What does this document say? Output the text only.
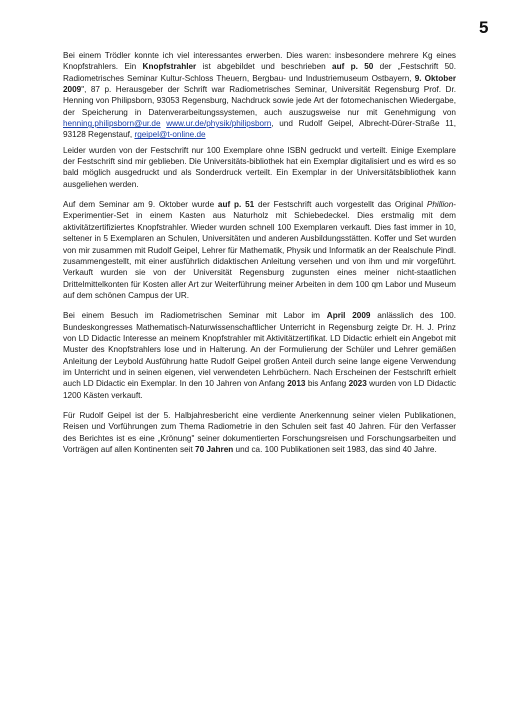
5

Bei einem Trödler konnte ich viel interessantes erwerben. Dies waren: insbesondere mehrere Kg eines Knopfstrahlers. Ein Knopfstrahler ist abgebildet und beschrieben auf p. 50 der „Festschrift 50. Radiometrisches Seminar Kultur-Schloss Theuern, Bergbau- und Industriemuseum Ostbayern, 9. Oktober 2009", 87 p. Herausgeber der Schrift war Radiometrisches Seminar, Universität Regensburg Prof. Dr. Henning von Philipsborn, 93053 Regensburg, Nachdruck sowie jede Art der fotomechanischen Wiedergabe, der Speicherung in Datenverarbeitungssystemen, auch auszugsweise nur mit Genehmigung von henning.philipsborn@ur.de www.ur.de/physik/philipsborn, und Rudolf Geipel, Albrecht-Dürer-Straße 11, 93128 Regenstauf, rgeipel@t-online.de

Leider wurden von der Festschrift nur 100 Exemplare ohne ISBN gedruckt und verteilt. Einige Exemplare der Festschrift sind mir geblieben. Die Universitäts-bibliothek hat ein Exemplar digitalisiert und es wird es so bald möglich ausgedruckt und als Sonderdruck verteilt. Ein Exemplar in der Universitätsbibliothek kann ausgeliehen werden.

Auf dem Seminar am 9. Oktober wurde auf p. 51 der Festschrift auch vorgestellt das Original Phillion-Experimentier-Set in einem Kasten aus Naturholz mit Schiebedeckel. Dies erstmalig mit dem aktivitätzertifiziertes Knopfstrahler. Wieder wurden schnell 100 Exemplaren verkauft. Dies fast immer in 10, seltener in 5 Exemplaren an Schulen, Universitäten und anderen Ausbildungsstätten. Koffer und Set wurden von mir zusammen mit Rudolf Geipel, Lehrer für Mathematik, Physik und Informatik an der Realschule Pindl. zusammengestellt, mit einer ausführlich didaktischen Anleitung versehen und von ihm und mir vorgeführt. Verkauft wurden sie von der Universität Regensburg zugunsten eines meiner nicht-staatlichen Drittelmittelkonten für Kosten aller Art zur Weiterführung meiner Arbeiten in dem 100 qm Labor und Museum auf dem schönen Campus der UR.

Bei einem Besuch im Radiometrischen Seminar mit Labor im April 2009 anlässlich des 100. Bundeskongresses Mathematisch-Naturwissenschaftlicher Unterricht in Regensburg zeigte Dr. H. J. Prinz von LD Didactic Interesse an meinem Knopfstrahler mit Aktivitätzertifikat. LD Didactic erhielt ein Angebot mit Muster des Knopfstrahlers lose und in Halterung. An der Formulierung der Schüler und Lehrer gemäßen Anleitung der Leybold Ausführung hatte Rudolf Geipel großen Anteil durch seine lange eigene Verwendung im Unterricht und in seinen eigenen, viel verwendeten Lehrbüchern. Nach Erscheinen der Festschrift erhielt auch LD Didactic ein Exemplar. In den 10 Jahren von Anfang 2013 bis Anfang 2023 wurden von LD Didactic 1200 Kästen verkauft.

Für Rudolf Geipel ist der 5. Halbjahresbericht eine verdiente Anerkennung seiner vielen Publikationen, Reisen und Vorführungen zum Thema Radiometrie in den Schulen seit fast 40 Jahren. Für den Verfasser des Berichtes ist es eine „Krönung" seiner dokumentierten Forschungsreisen und Forschungsarbeiten und Vorträgen auf allen Kontinenten seit 70 Jahren und ca. 100 Publikationen seit 1983, das sind 40 Jahre.
